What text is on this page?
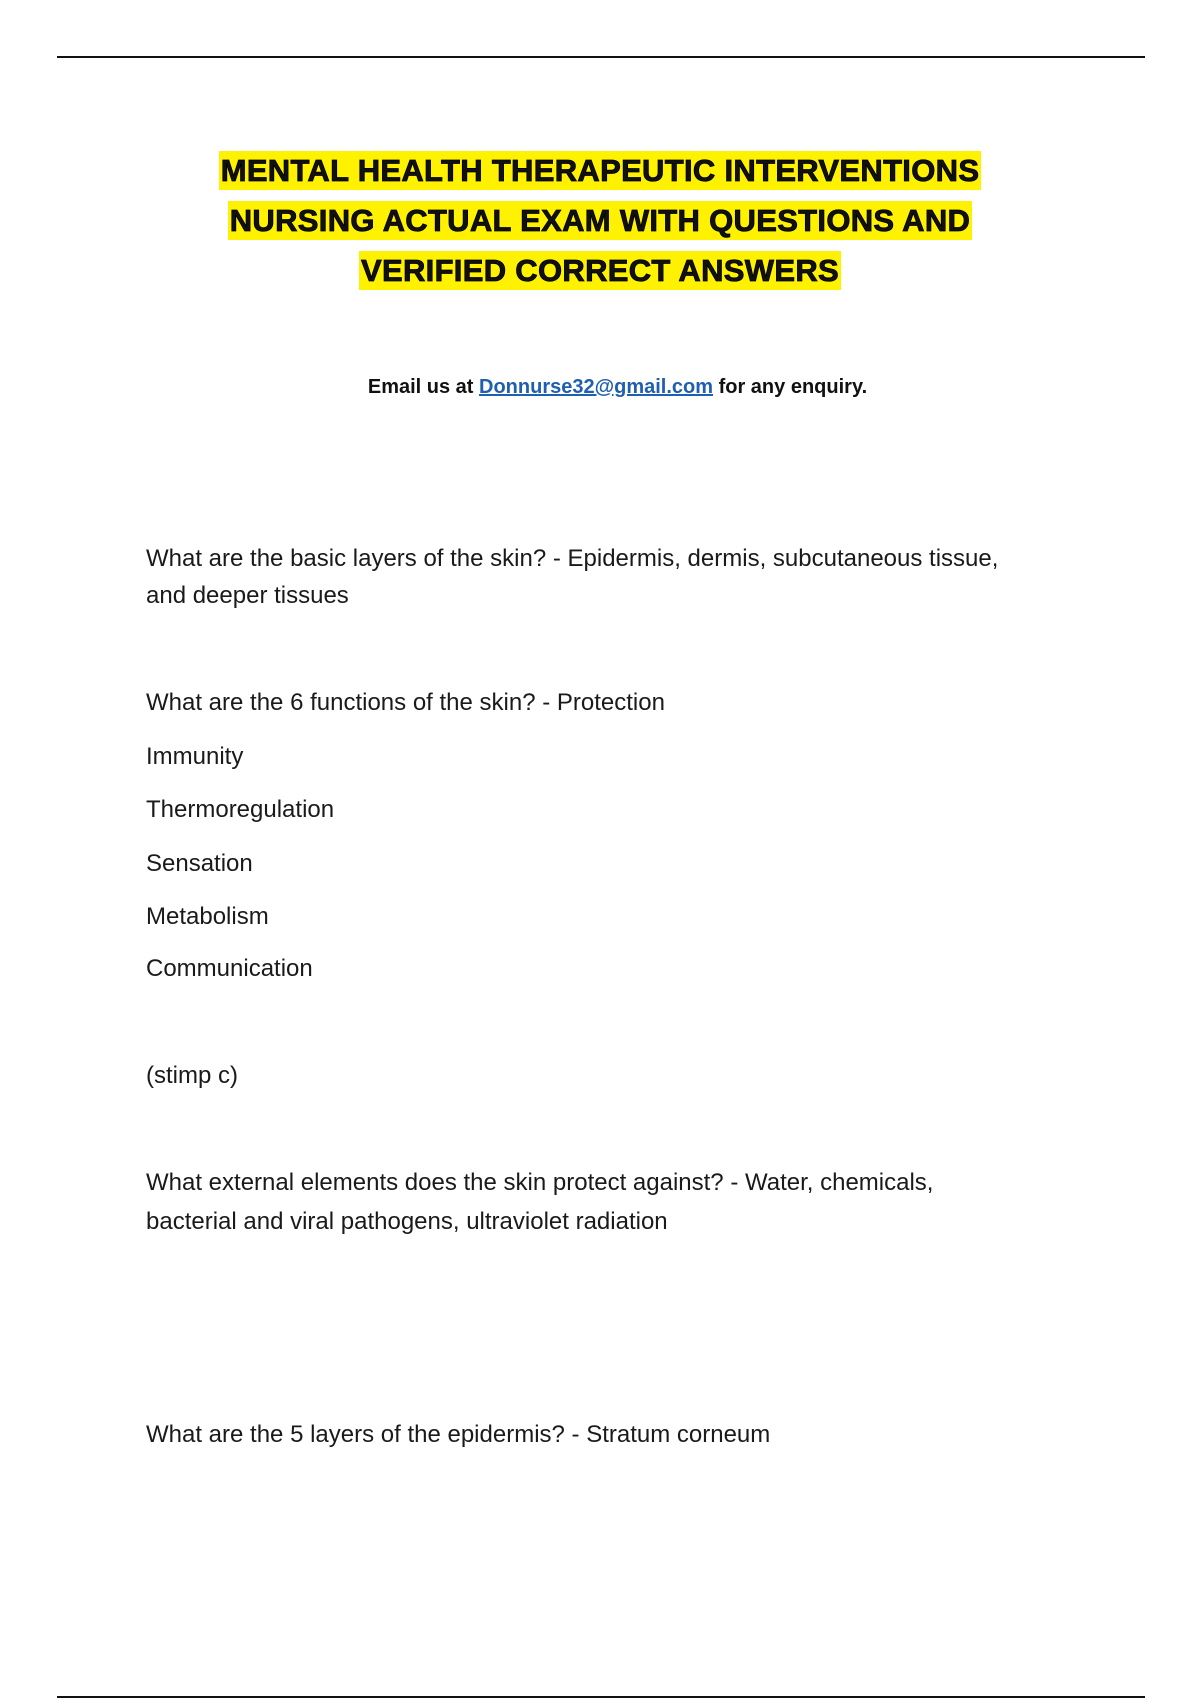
MENTAL HEALTH THERAPEUTIC INTERVENTIONS
NURSING ACTUAL EXAM WITH QUESTIONS AND
VERIFIED CORRECT ANSWERS
Email us at Donnurse32@gmail.com for any enquiry.
What are the basic layers of the skin? - Epidermis, dermis, subcutaneous tissue,
and deeper tissues
What are the 6 functions of the skin? - Protection
Immunity
Thermoregulation
Sensation
Metabolism
Communication
(stimp c)
What external elements does the skin protect against? - Water, chemicals,
bacterial and viral pathogens, ultraviolet radiation
What are the 5 layers of the epidermis? - Stratum corneum
